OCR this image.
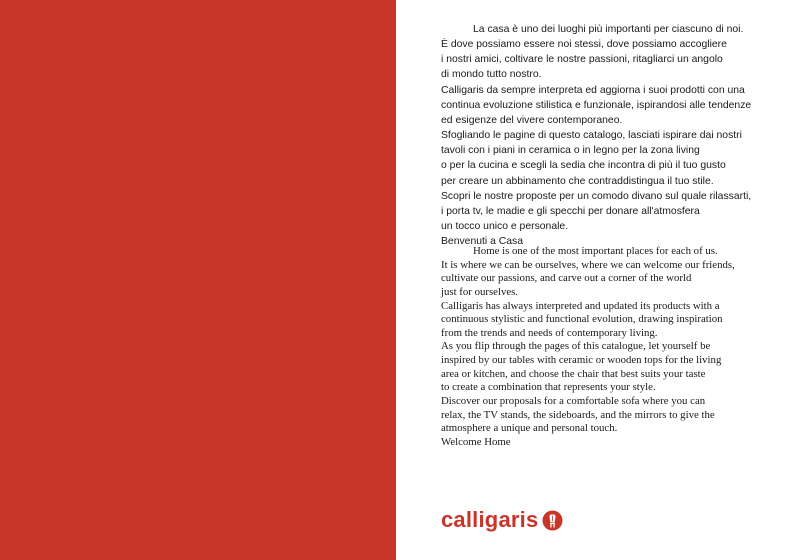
La casa è uno dei luoghi più importanti per ciascuno di noi.
È dove possiamo essere noi stessi, dove possiamo accogliere
i nostri amici, coltivare le nostre passioni, ritagliarci un angolo
di mondo tutto nostro.
Calligaris da sempre interpreta ed aggiorna i suoi prodotti con una
continua evoluzione stilistica e funzionale, ispirandosi alle tendenze
ed esigenze del vivere contemporaneo.
Sfogliando le pagine di questo catalogo, lasciati ispirare dai nostri
tavoli con i piani in ceramica o in legno per la zona living
o per la cucina e scegli la sedia che incontra di più il tuo gusto
per creare un abbinamento che contraddistingua il tuo stile.
Scopri le nostre proposte per un comodo divano sul quale rilassarti,
i porta tv, le madie e gli specchi per donare all'atmosfera
un tocco unico e personale.
Benvenuti a Casa
Home is one of the most important places for each of us.
It is where we can be ourselves, where we can welcome our friends,
cultivate our passions, and carve out a corner of the world
just for ourselves.
Calligaris has always interpreted and updated its products with a
continuous stylistic and functional evolution, drawing inspiration
from the trends and needs of contemporary living.
As you flip through the pages of this catalogue, let yourself be
inspired by our tables with ceramic or wooden tops for the living
area or kitchen, and choose the chair that best suits your taste
to create a combination that represents your style.
Discover our proposals for a comfortable sofa where you can
relax, the TV stands, the sideboards, and the mirrors to give the
atmosphere a unique and personal touch.
Welcome Home
calligaris
